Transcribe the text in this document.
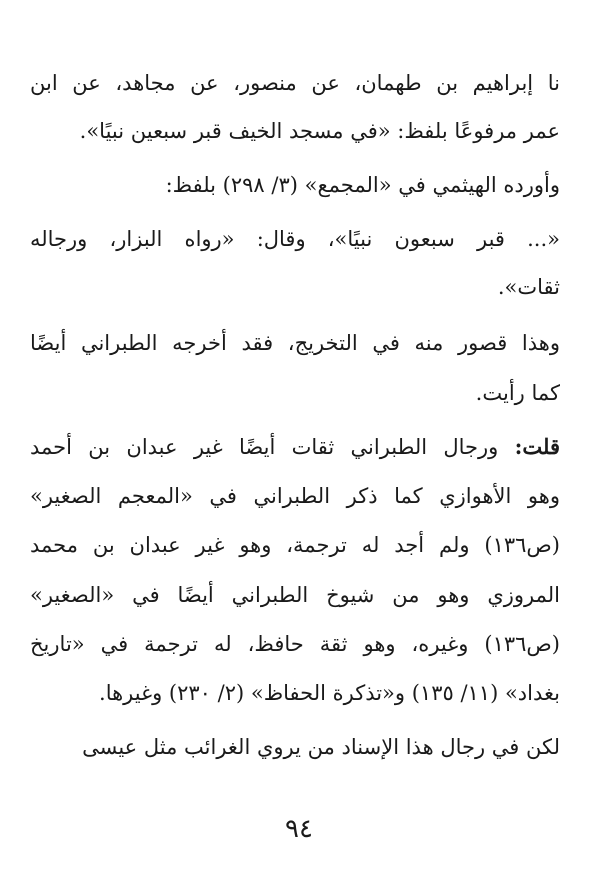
نا إبراهيم بن طهمان، عن منصور، عن مجاهد، عن ابن
عمر مرفوعًا بلفظ: «في مسجد الخيف قبر سبعين نبيًا».
وأورده الهيثمي في «المجمع» (٣/ ٢٩٨) بلفظ:
«... قبر سبعون نبيًا»، وقال: «رواه البزار، ورجاله
ثقات».
وهذا قصور منه في التخريج، فقد أخرجه الطبراني أيضًا
كما رأيت.
قلت: ورجال الطبراني ثقات أيضًا غير عبدان بن أحمد
وهو الأهوازي كما ذكر الطبراني في «المعجم الصغير»
(ص١٣٦) ولم أجد له ترجمة، وهو غير عبدان بن محمد
المروزي وهو من شيوخ الطبراني أيضًا في «الصغير»
(ص١٣٦) وغيره، وهو ثقة حافظ، له ترجمة في «تاريخ
بغداد» (١١/ ١٣٥) و«تذكرة الحفاظ» (٢/ ٢٣٠) وغيرها.
لكن في رجال هذا الإسناد من يروي الغرائب مثل عيسى
٩٤
